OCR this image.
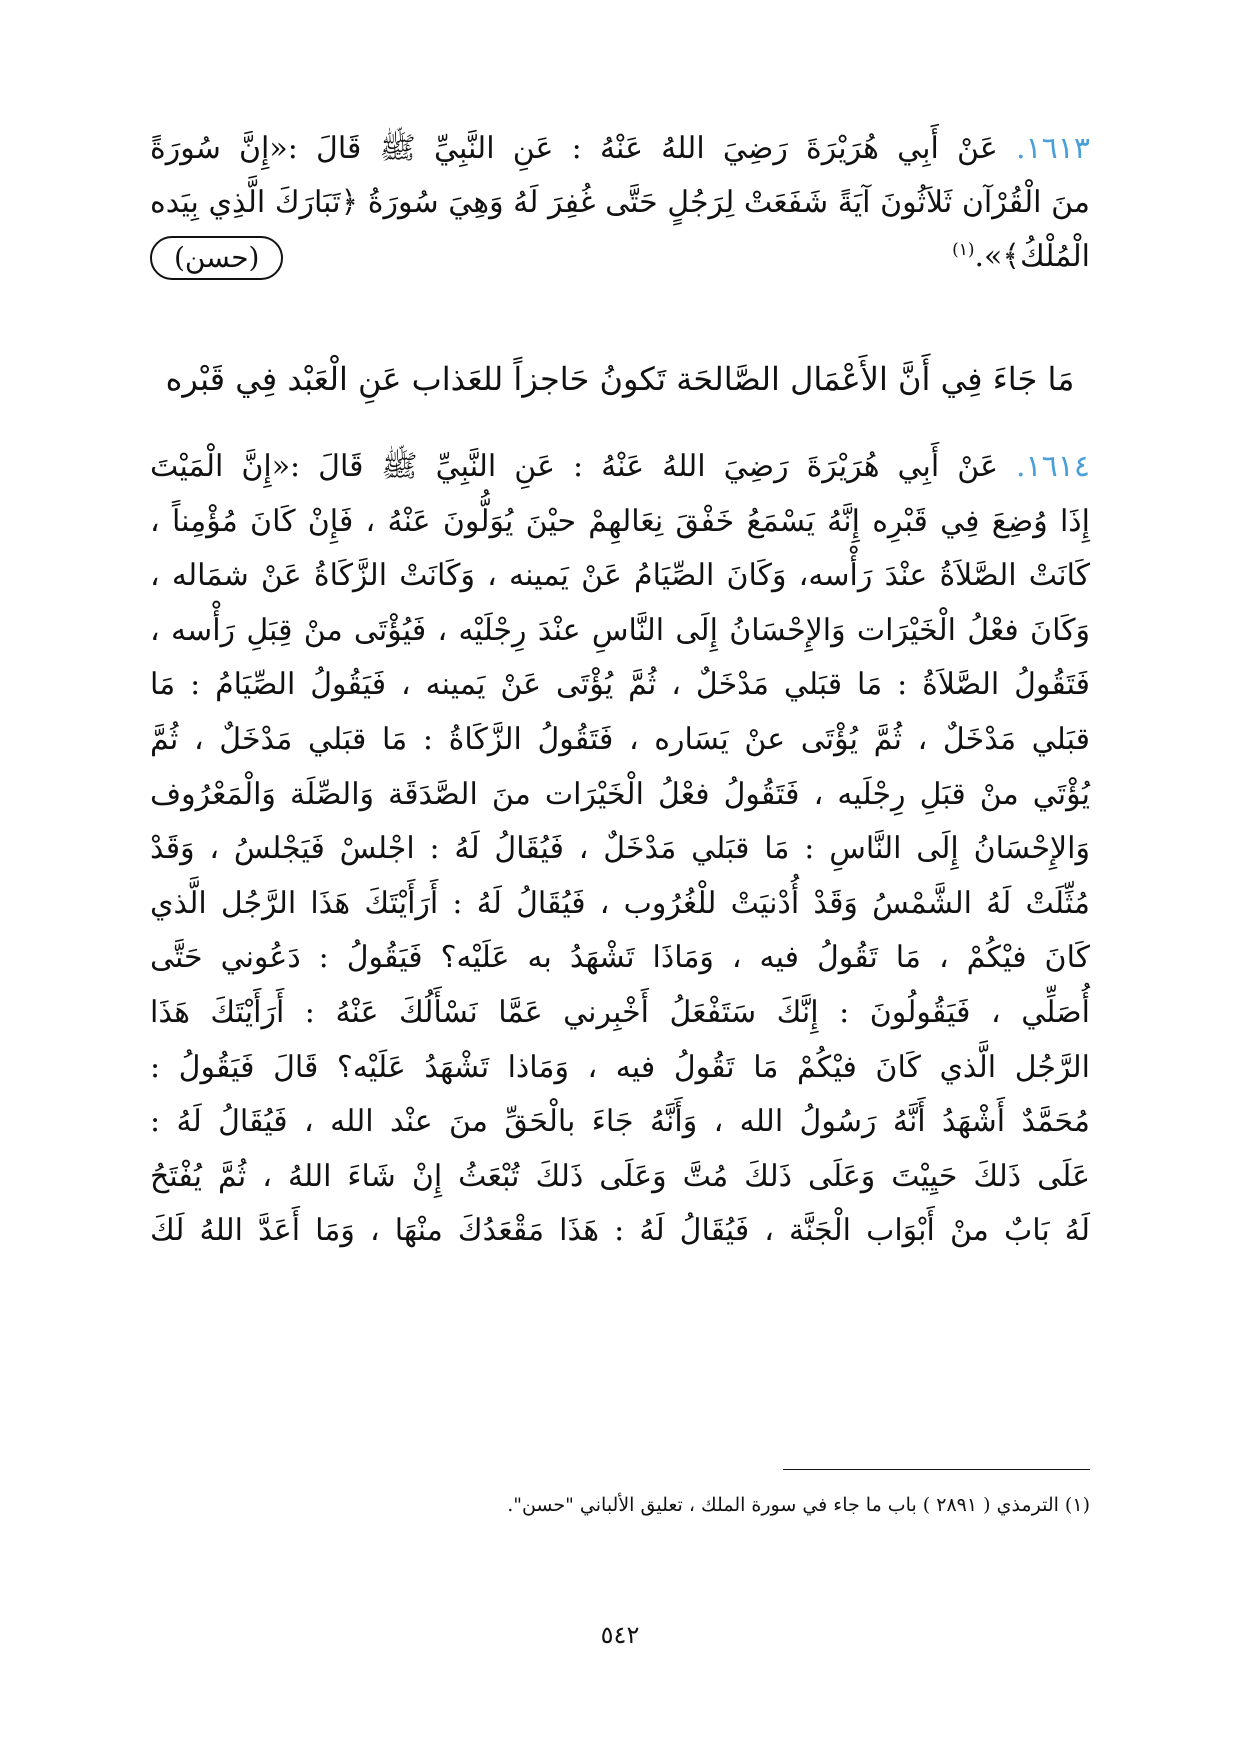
١٦١٣. عَنْ أَبِي هُرَيْرَةَ رَضِيَ اللهُ عَنْهُ : عَنِ النَّبِيِّ ﷺ قَالَ :«إِنَّ سُورَةً
منَ الْقُرْآن ثَلاَثُونَ آيَةً شَفَعَتْ لِرَجُلٍ حَتَّى غُفِرَ لَهُ وَهِيَ سُورَةُ ﴿تَبَارَكَ الَّذِي بِيَده
الْمُلْكُ﴾».$^{(١)}$
(حسن)
مَا جَاءَ فِي أَنَّ الأَعْمَال الصَّالحَة تَكونُ حَاجزاً للعَذاب عَنِ الْعَبْد فِي قَبْره
١٦١٤. عَنْ أَبِي هُرَيْرَةَ رَضِيَ اللهُ عَنْهُ : عَنِ النَّبِيِّ ﷺ قَالَ :«إِنَّ الْمَيْتَ
إِذَا وُضِعَ فِي قَبْرِه إِنَّهُ يَسْمَعُ خَفْقَ نِعَالهِمْ حيْنَ يُوَلُّونَ عَنْهُ ، فَإِنْ كَانَ مُؤْمِناً ،
كَانَتْ الصَّلاَةُ عنْدَ رَأْسه، وَكَانَ الصِّيَامُ عَنْ يَمينه ، وَكَانَتْ الزَّكَاةُ عَنْ شمَاله ،
وَكَانَ فعْلُ الْخَيْرَات وَالإِحْسَانُ إِلَى النَّاسِ عنْدَ رِجْلَيْه ، فَيُؤْتَى منْ قِبَلِ رَأْسه ،
فَتَقُولُ الصَّلاَةُ : مَا قبَلي مَدْخَلٌ ، ثُمَّ يُؤْتَى عَنْ يَمينه ، فَيَقُولُ الصِّيَامُ : مَا
قبَلي مَدْخَلٌ ، ثُمَّ يُؤْتَى عنْ يَسَاره ، فَتَقُولُ الزَّكَاةُ : مَا قبَلي مَدْخَلٌ ، ثُمَّ
يُؤْتَي منْ قبَلِ رِجْلَيه ، فَتَقُولُ فعْلُ الْخَيْرَات منَ الصَّدَقَة وَالصِّلَة وَالْمَعْرُوف
وَالإِحْسَانُ إِلَى النَّاسِ : مَا قبَلي مَدْخَلٌ ، فَيُقَالُ لَهُ : اجْلسْ فَيَجْلسُ ، وَقَدْ
مُثِّلَتْ لَهُ الشَّمْسُ وَقَدْ أُدْنيَتْ للْغُرُوب ، فَيُقَالُ لَهُ : أَرَأَيْتَكَ هَذَا الرَّجُل الَّذي
كَانَ فيْكُمْ ، مَا تَقُولُ فيه ، وَمَاذَا تَشْهَدُ به عَلَيْه؟ فَيَقُولُ : دَعُوني حَتَّى
أُصَلِّي ، فَيَقُولُونَ : إِنَّكَ سَتَفْعَلُ أَخْبِرني عَمَّا نَسْأَلُكَ عَنْهُ : أَرَأَيْتَكَ هَذَا
الرَّجُل الَّذي كَانَ فيْكُمْ مَا تَقُولُ فيه ، وَمَاذا تَشْهَدُ عَلَيْه؟ قَالَ فَيَقُولُ :
مُحَمَّدٌ أَشْهَدُ أَنَّهُ رَسُولُ الله ، وَأَنَّهُ جَاءَ بالْحَقِّ منَ عنْد الله ، فَيُقَالُ لَهُ :
عَلَى ذَلكَ حَيِيْتَ وَعَلَى ذَلكَ مُتَّ وَعَلَى ذَلكَ تُبْعَثُ إِنْ شَاءَ اللهُ ، ثُمَّ يُفْتَحُ
لَهُ بَابٌ منْ أَبْوَاب الْجَنَّة ، فَيُقَالُ لَهُ : هَذَا مَقْعَدُكَ منْهَا ، وَمَا أَعَدَّ اللهُ لَكَ
(١) الترمذي ( ٢٨٩١ ) باب ما جاء في سورة الملك ، تعليق الألباني "حسن".
٥٤٢
